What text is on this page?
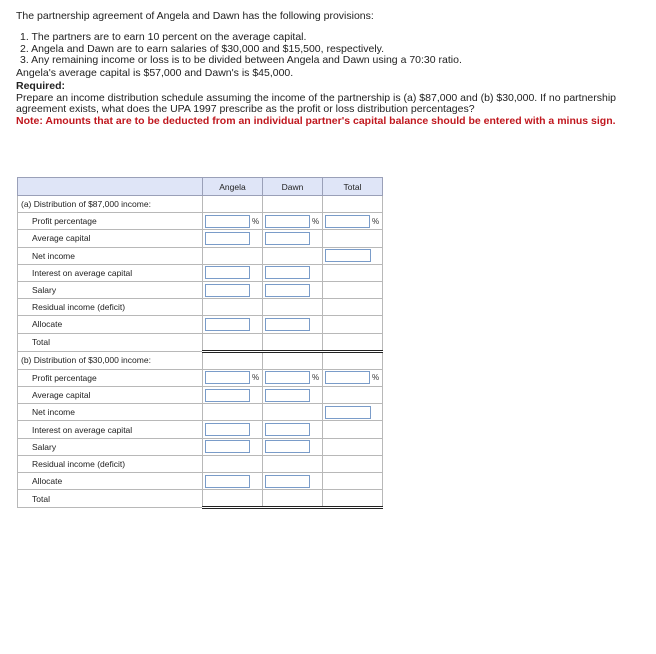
The partnership agreement of Angela and Dawn has the following provisions:

1. The partners are to earn 10 percent on the average capital.
2. Angela and Dawn are to earn salaries of $30,000 and $15,500, respectively.
3. Any remaining income or loss is to be divided between Angela and Dawn using a 70:30 ratio.

Angela's average capital is $57,000 and Dawn's is $45,000.

Required:

Prepare an income distribution schedule assuming the income of the partnership is (a) $87,000 and (b) $30,000. If no partnership agreement exists, what does the UPA 1997 prescribe as the profit or loss distribution percentages?

Note: Amounts that are to be deducted from an individual partner's capital balance should be entered with a minus sign.

	Angela	Dawn	Total
(a) Distribution of $87,000 income:			
Profit percentage	%	%	%

Average capital	

Net income			

Interest on average capital	

Salary	

Residual income (deficit)			
Allocate	

Total			
(b) Distribution of $30,000 income:			
Profit percentage	%	%	%

Average capital	

Net income			

Interest on average capital	

Salary	

Residual income (deficit)			
Allocate	

Total			
